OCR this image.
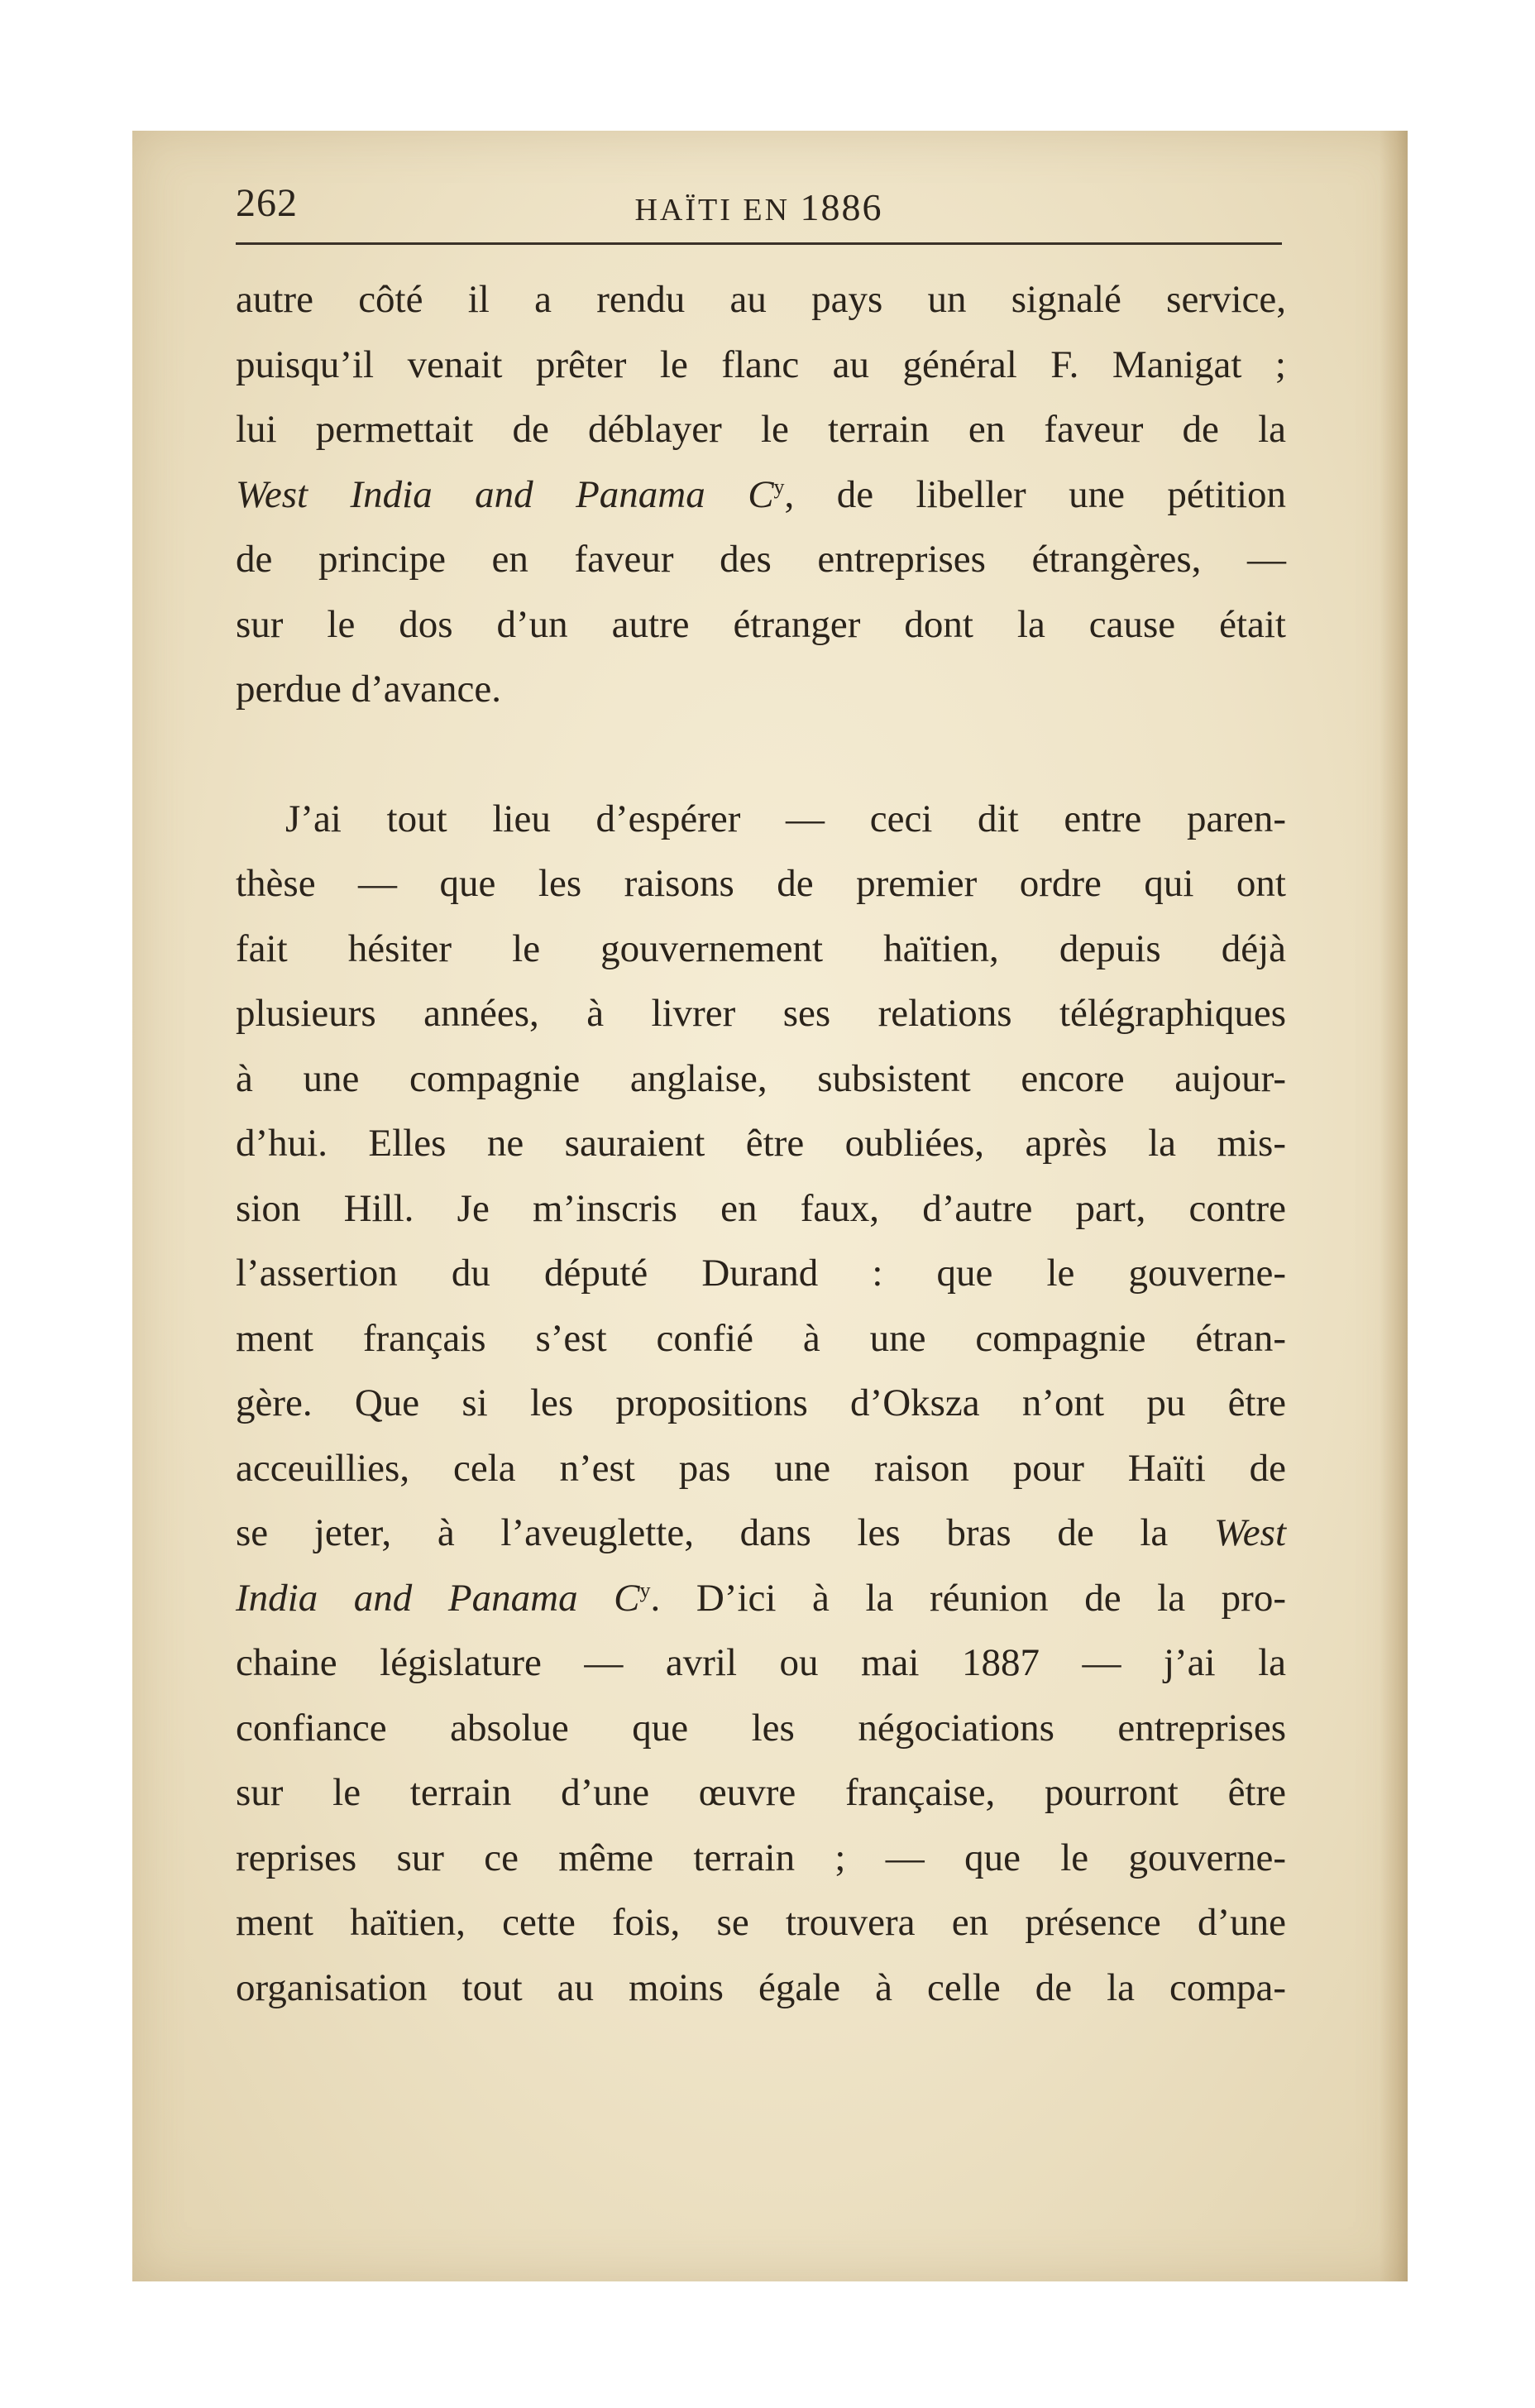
262	HAÏTI EN 1886
autre côté il a rendu au pays un signalé service,
puisqu’il venait prêter le flanc au général F. Manigat ;
lui permettait de déblayer le terrain en faveur de la
West India and Panama $C^y$, de libeller une pétition
de principe en faveur des entreprises étrangères, —
sur le dos d’un autre étranger dont la cause était
perdue d’avance.
J’ai tout lieu d’espérer — ceci dit entre paren-
thèse — que les raisons de premier ordre qui ont
fait hésiter le gouvernement haïtien, depuis déjà
plusieurs années, à livrer ses relations télégraphiques
à une compagnie anglaise, subsistent encore aujour-
d’hui. Elles ne sauraient être oubliées, après la mis-
sion Hill. Je m’inscris en faux, d’autre part, contre
l’assertion du député Durand : que le gouverne-
ment français s’est confié à une compagnie étran-
gère. Que si les propositions d’Oksza n’ont pu être
acceuillies, cela n’est pas une raison pour Haïti de
se jeter, à l’aveuglette, dans les bras de la West
India and Panama $C^y$. D’ici à la réunion de la pro-
chaine législature — avril ou mai 1887 — j’ai la
confiance absolue que les négociations entreprises
sur le terrain d’une œuvre française, pourront être
reprises sur ce même terrain ; — que le gouverne-
ment haïtien, cette fois, se trouvera en présence d’une
organisation tout au moins égale à celle de la compa-
